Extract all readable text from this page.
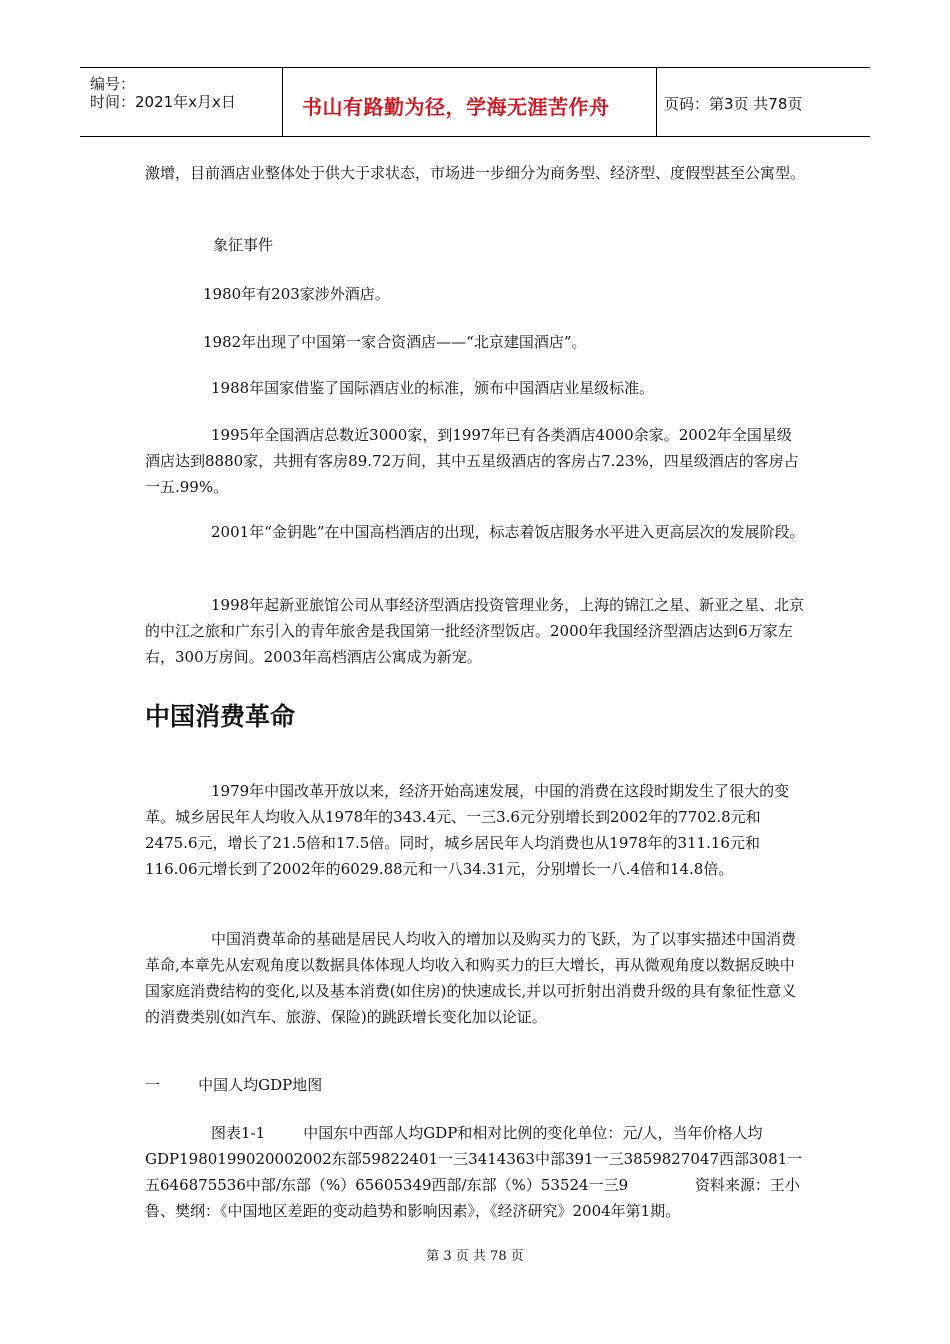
编号：
时间：2021年x月x日	书山有路勤为径，学海无涯苦作舟	页码：第3页 共78页

激增，目前酒店业整体处于供大于求状态，市场进一步细分为商务型、经济型、度假型甚至公寓型。

象征事件

1980年有203家涉外酒店。

1982年出现了中国第一家合资酒店——“北京建国酒店”。

1988年国家借鉴了国际酒店业的标准，颁布中国酒店业星级标准。

1995年全国酒店总数近3000家，到1997年已有各类酒店4000余家。2002年全国星级酒店达到8880家，共拥有客房89.72万间，其中五星级酒店的客房占7.23%，四星级酒店的客房占一五.99%。

2001年“金钥匙”在中国高档酒店的出现，标志着饭店服务水平进入更高层次的发展阶段。

1998年起新亚旅馆公司从事经济型酒店投资管理业务，上海的锦江之星、新亚之星、北京的中江之旅和广东引入的青年旅舍是我国第一批经济型饭店。2000年我国经济型酒店达到6万家左右，300万房间。2003年高档酒店公寓成为新宠。

中国消费革命

1979年中国改革开放以来，经济开始高速发展，中国的消费在这段时期发生了很大的变革。城乡居民年人均收入从1978年的343.4元、一三3.6元分别增长到2002年的7702.8元和2475.6元，增长了21.5倍和17.5倍。同时，城乡居民年人均消费也从1978年的311.16元和116.06元增长到了2002年的6029.88元和一八34.31元，分别增长一八.4倍和14.8倍。

中国消费革命的基础是居民人均收入的增加以及购买力的飞跃，为了以事实描述中国消费革命,本章先从宏观角度以数据具体体现人均收入和购买力的巨大增长，再从微观角度以数据反映中国家庭消费结构的变化,以及基本消费(如住房)的快速成长,并以可折射出消费升级的具有象征性意义的消费类别(如汽车、旅游、保险)的跳跃增长变化加以论证。

一        中国人均GDP地图

图表1-1        中国东中西部人均GDP和相对比例的变化单位：元/人，当年价格人均GDP1980199020002002东部59822401一三3414363中部391一三3859827047西部3081一五646875536中部/东部（%）65605349西部/东部（%）53524一三9              资料来源：王小鲁、樊纲：《中国地区差距的变动趋势和影响因素》，《经济研究》2004年第1期。

第 3 页 共 78 页
